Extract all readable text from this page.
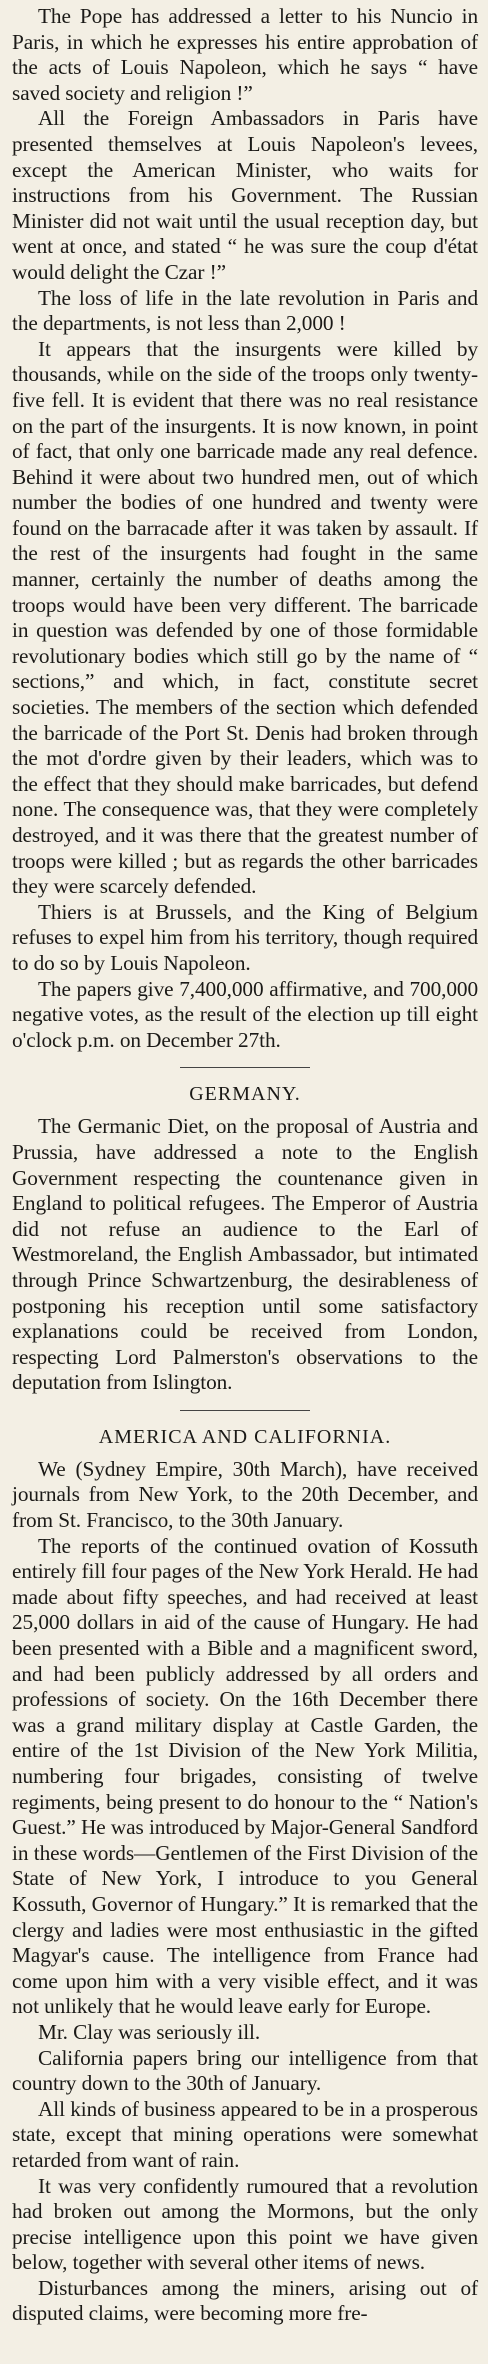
The Pope has addressed a letter to his Nuncio in Paris, in which he expresses his entire approbation of the acts of Louis Napoleon, which he says “ have saved society and religion !”

All the Foreign Ambassadors in Paris have presented themselves at Louis Napoleon's levees, except the American Minister, who waits for instructions from his Government. The Russian Minister did not wait until the usual reception day, but went at once, and stated “ he was sure the coup d'état would delight the Czar !”

The loss of life in the late revolution in Paris and the departments, is not less than 2,000 !

It appears that the insurgents were killed by thousands, while on the side of the troops only twenty-five fell. It is evident that there was no real resistance on the part of the insurgents. It is now known, in point of fact, that only one barricade made any real defence. Behind it were about two hundred men, out of which number the bodies of one hundred and twenty were found on the barracade after it was taken by assault. If the rest of the insurgents had fought in the same manner, certainly the number of deaths among the troops would have been very different. The barricade in question was defended by one of those formidable revolutionary bodies which still go by the name of “ sections,” and which, in fact, constitute secret societies. The members of the section which defended the barricade of the Port St. Denis had broken through the mot d'ordre given by their leaders, which was to the effect that they should make barricades, but defend none. The consequence was, that they were completely destroyed, and it was there that the greatest number of troops were killed ; but as regards the other barricades they were scarcely defended.

Thiers is at Brussels, and the King of Belgium refuses to expel him from his territory, though required to do so by Louis Napoleon.

The papers give 7,400,000 affirmative, and 700,000 negative votes, as the result of the election up till eight o'clock p.m. on December 27th.

GERMANY.

The Germanic Diet, on the proposal of Austria and Prussia, have addressed a note to the English Government respecting the countenance given in England to political refugees. The Emperor of Austria did not refuse an audience to the Earl of Westmoreland, the English Ambassador, but intimated through Prince Schwartzenburg, the desirableness of postponing his reception until some satisfactory explanations could be received from London, respecting Lord Palmerston's observations to the deputation from Islington.

AMERICA AND CALIFORNIA.

We (Sydney Empire, 30th March), have received journals from New York, to the 20th December, and from St. Francisco, to the 30th January.

The reports of the continued ovation of Kossuth entirely fill four pages of the New York Herald. He had made about fifty speeches, and had received at least 25,000 dollars in aid of the cause of Hungary. He had been presented with a Bible and a magnificent sword, and had been publicly addressed by all orders and professions of society. On the 16th December there was a grand military display at Castle Garden, the entire of the 1st Division of the New York Militia, numbering four brigades, consisting of twelve regiments, being present to do honour to the “ Nation's Guest.” He was introduced by Major-General Sandford in these words—Gentlemen of the First Division of the State of New York, I introduce to you General Kossuth, Governor of Hungary.” It is remarked that the clergy and ladies were most enthusiastic in the gifted Magyar's cause. The intelligence from France had come upon him with a very visible effect, and it was not unlikely that he would leave early for Europe.

Mr. Clay was seriously ill.

California papers bring our intelligence from that country down to the 30th of January.

All kinds of business appeared to be in a prosperous state, except that mining operations were somewhat retarded from want of rain.

It was very confidently rumoured that a revolution had broken out among the Mormons, but the only precise intelligence upon this point we have given below, together with several other items of news.

Disturbances among the miners, arising out of disputed claims, were becoming more fre-
